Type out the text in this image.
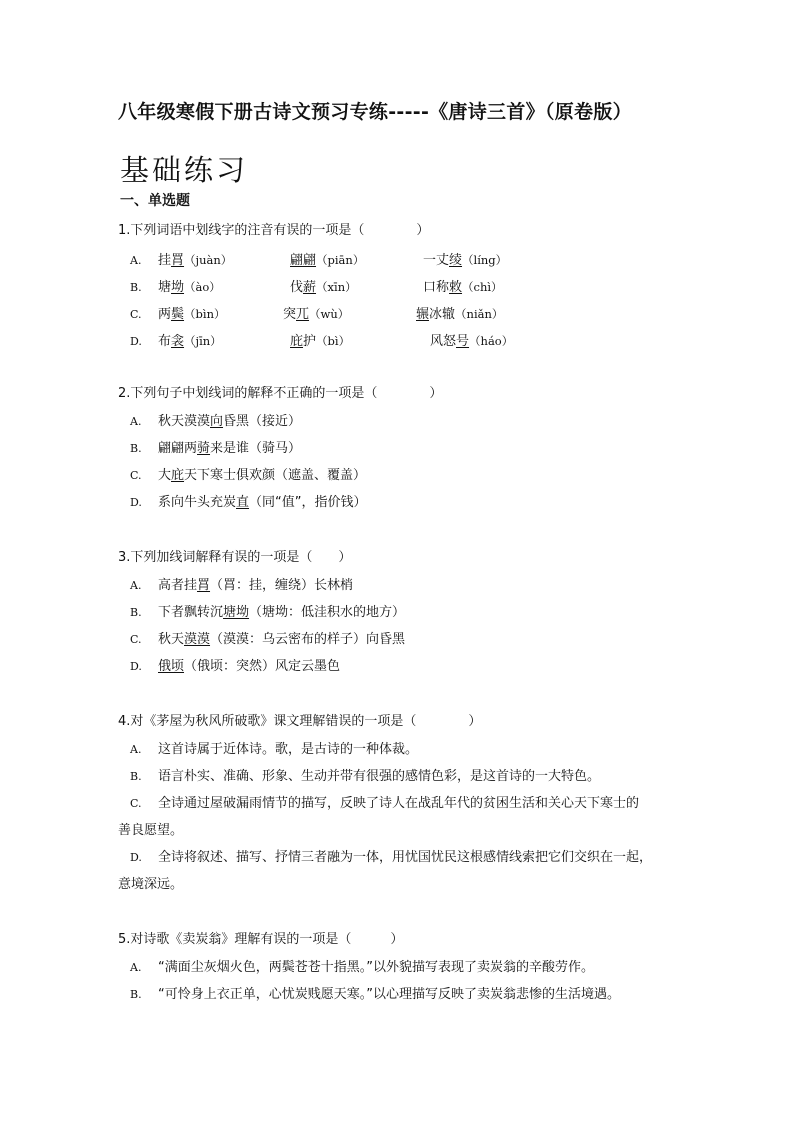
八年级寒假下册古诗文预习专练-----《唐诗三首》（原卷版）
基础练习
一、单选题
1.下列词语中划线字的注音有误的一项是（　　　　）
A. 挂罥（juàn）	翩翩（piān）	一丈绫（líng）
B. 塘坳（ào）	伐薪（xīn）	口称敕（chì）
C. 两鬓（bìn）	突兀（wù）	辗冰辙（niǎn）
D. 布衾（jīn）	庇护（bì）	风怒号（háo）
2.下列句子中划线词的解释不正确的一项是（　　　　）
A. 秋天漠漠向昏黑（接近）
B. 翩翩两骑来是谁（骑马）
C. 大庇天下寒士俱欢颜（遮盖、覆盖）
D. 系向牛头充炭直（同“值”，指价钱）
3.下列加线词解释有误的一项是（　　）
A. 高者挂罥（罥：挂，缠绕）长林梢
B. 下者飘转沉塘坳（塘坳：低洼积水的地方）
C. 秋天漠漠（漠漠：乌云密布的样子）向昏黑
D. 俄顷（俄顷：突然）风定云墨色
4.对《茅屋为秋风所破歌》课文理解错误的一项是（　　　　）
A. 这首诗属于近体诗。歌，是古诗的一种体裁。
B. 语言朴实、准确、形象、生动并带有很强的感情色彩，是这首诗的一大特色。
C. 全诗通过屋破漏雨情节的描写，反映了诗人在战乱年代的贫困生活和关心天下寒士的
善良愿望。
D. 全诗将叙述、描写、抒情三者融为一体，用忧国忧民这根感情线索把它们交织在一起，
意境深远。
5.对诗歌《卖炭翁》理解有误的一项是（　　　）
A. “满面尘灰烟火色，两鬓苍苍十指黑。”以外貌描写表现了卖炭翁的辛酸劳作。
B. “可怜身上衣正单，心忧炭贱愿天寒。”以心理描写反映了卖炭翁悲惨的生活境遇。
